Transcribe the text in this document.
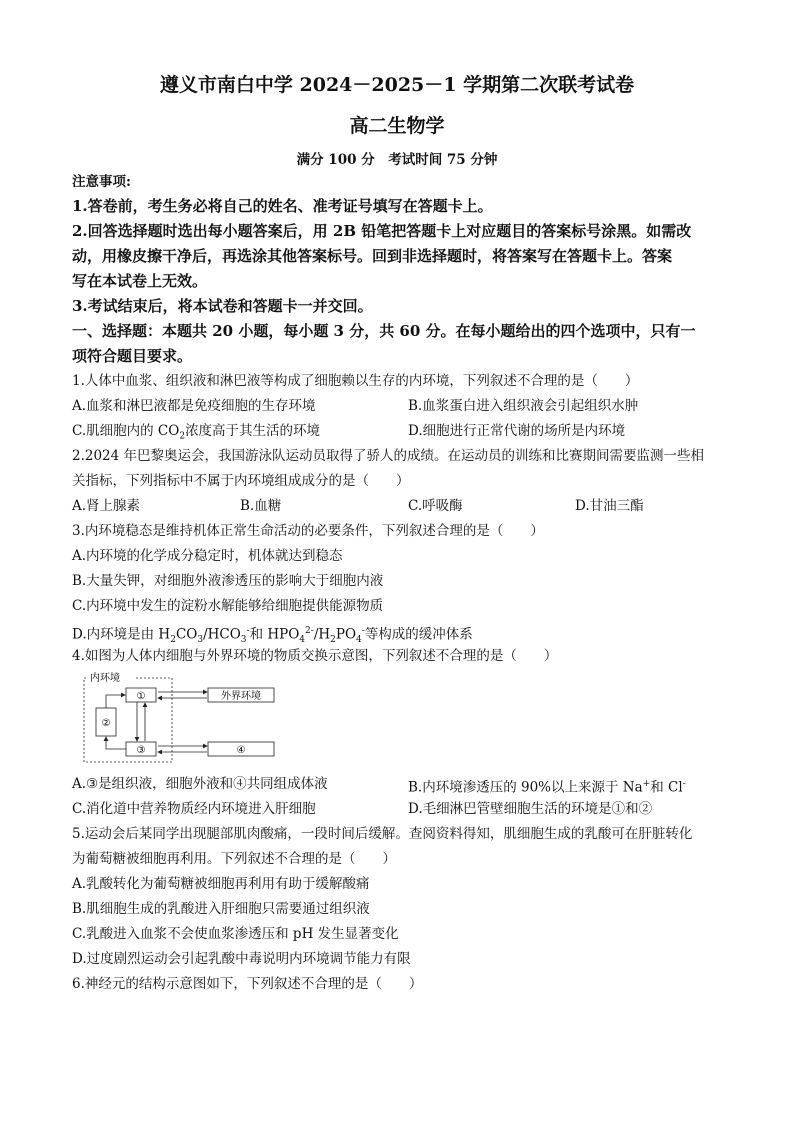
遵义市南白中学 2024－2025－1 学期第二次联考试卷
高二生物学
满分 100 分　考试时间 75 分钟
注意事项:
1.答卷前，考生务必将自己的姓名、准考证号填写在答题卡上。
2.回答选择题时选出每小题答案后，用 2B 铅笔把答题卡上对应题目的答案标号涂黑。如需改
动，用橡皮擦干净后，再选涂其他答案标号。回到非选择题时，将答案写在答题卡上。答案
写在本试卷上无效。
3.考试结束后，将本试卷和答题卡一并交回。
一、选择题：本题共 20 小题，每小题 3 分，共 60 分。在每小题给出的四个选项中，只有一
项符合题目要求。
1.人体中血浆、组织液和淋巴液等构成了细胞赖以生存的内环境，下列叙述不合理的是（　　）
A.血浆和淋巴液都是免疫细胞的生存环境	B.血浆蛋白进入组织液会引起组织水肿
C.肌细胞内的 $CO_2$浓度高于其生活的环境	D.细胞进行正常代谢的场所是内环境
2.2024 年巴黎奥运会，我国游泳队运动员取得了骄人的成绩。在运动员的训练和比赛期间需要监测一些相
关指标，下列指标中不属于内环境组成成分的是（　　）
A.肾上腺素	B.血糖	C.呼吸酶	D.甘油三酯
3.内环境稳态是维持机体正常生命活动的必要条件，下列叙述合理的是（　　）
A.内环境的化学成分稳定时，机体就达到稳态
B.大量失钾，对细胞外液渗透压的影响大于细胞内液
C.内环境中发生的淀粉水解能够给细胞提供能源物质
D.内环境是由 $H_2CO_3/HCO_3^-$和 $HPO_4^{2-}/H_2PO_4^-$等构成的缓冲体系
4.如图为人体内细胞与外界环境的物质交换示意图，下列叙述不合理的是（　　）
内环境
①
②
③
外界环境
④
A.③是组织液，细胞外液和④共同组成体液	B.内环境渗透压的 90%以上来源于 Na+和 Cl-
C.消化道中营养物质经内环境进入肝细胞	D.毛细淋巴管壁细胞生活的环境是①和②
5.运动会后某同学出现腿部肌肉酸痛，一段时间后缓解。查阅资料得知，肌细胞生成的乳酸可在肝脏转化
为葡萄糖被细胞再利用。下列叙述不合理的是（　　）
A.乳酸转化为葡萄糖被细胞再利用有助于缓解酸痛
B.肌细胞生成的乳酸进入肝细胞只需要通过组织液
C.乳酸进入血浆不会使血浆渗透压和 pH 发生显著变化
D.过度剧烈运动会引起乳酸中毒说明内环境调节能力有限
6.神经元的结构示意图如下，下列叙述不合理的是（　　）
